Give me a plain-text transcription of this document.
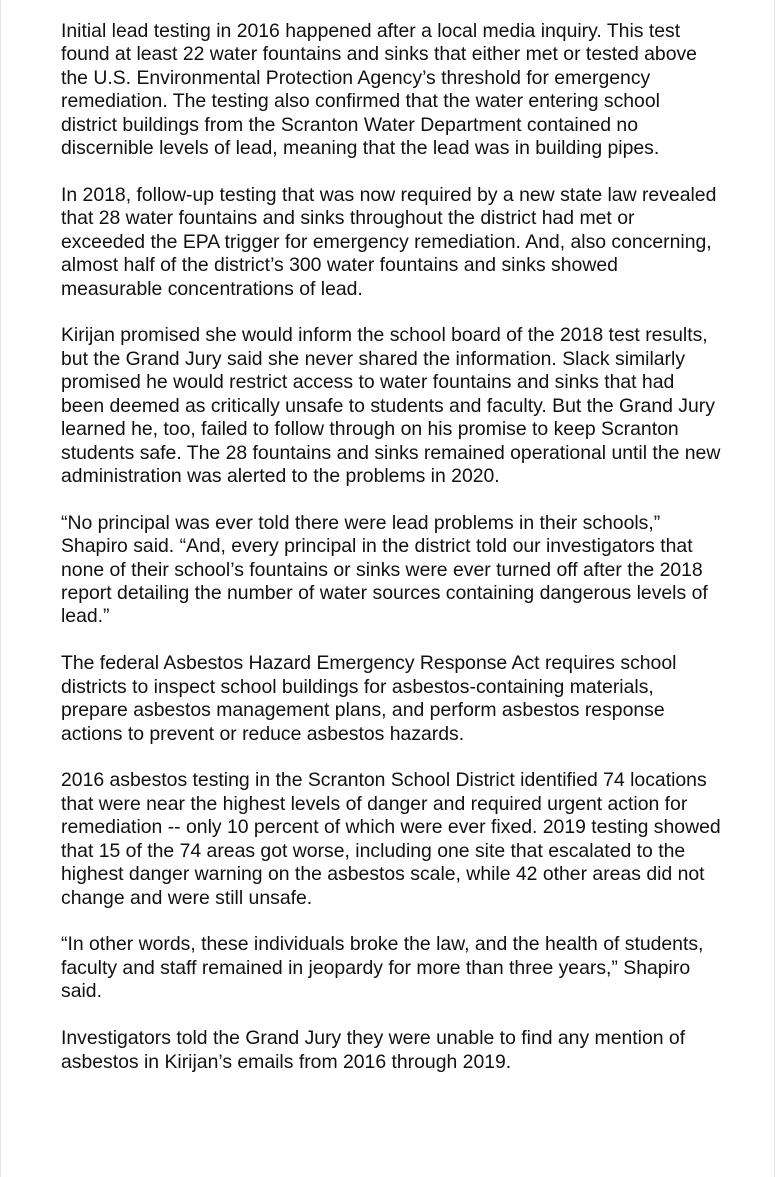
Initial lead testing in 2016 happened after a local media inquiry. This test found at least 22 water fountains and sinks that either met or tested above the U.S. Environmental Protection Agency’s threshold for emergency remediation. The testing also confirmed that the water entering school district buildings from the Scranton Water Department contained no discernible levels of lead, meaning that the lead was in building pipes.

In 2018, follow-up testing that was now required by a new state law revealed that 28 water fountains and sinks throughout the district had met or exceeded the EPA trigger for emergency remediation. And, also concerning, almost half of the district’s 300 water fountains and sinks showed measurable concentrations of lead.

Kirijan promised she would inform the school board of the 2018 test results, but the Grand Jury said she never shared the information. Slack similarly promised he would restrict access to water fountains and sinks that had been deemed as critically unsafe to students and faculty. But the Grand Jury learned he, too, failed to follow through on his promise to keep Scranton students safe. The 28 fountains and sinks remained operational until the new administration was alerted to the problems in 2020.

“No principal was ever told there were lead problems in their schools,” Shapiro said. “And, every principal in the district told our investigators that none of their school’s fountains or sinks were ever turned off after the 2018 report detailing the number of water sources containing dangerous levels of lead.”

The federal Asbestos Hazard Emergency Response Act requires school districts to inspect school buildings for asbestos-containing materials, prepare asbestos management plans, and perform asbestos response actions to prevent or reduce asbestos hazards.

2016 asbestos testing in the Scranton School District identified 74 locations that were near the highest levels of danger and required urgent action for remediation -- only 10 percent of which were ever fixed. 2019 testing showed that 15 of the 74 areas got worse, including one site that escalated to the highest danger warning on the asbestos scale, while 42 other areas did not change and were still unsafe.

“In other words, these individuals broke the law, and the health of students, faculty and staff remained in jeopardy for more than three years,” Shapiro said.

Investigators told the Grand Jury they were unable to find any mention of asbestos in Kirijan’s emails from 2016 through 2019.
